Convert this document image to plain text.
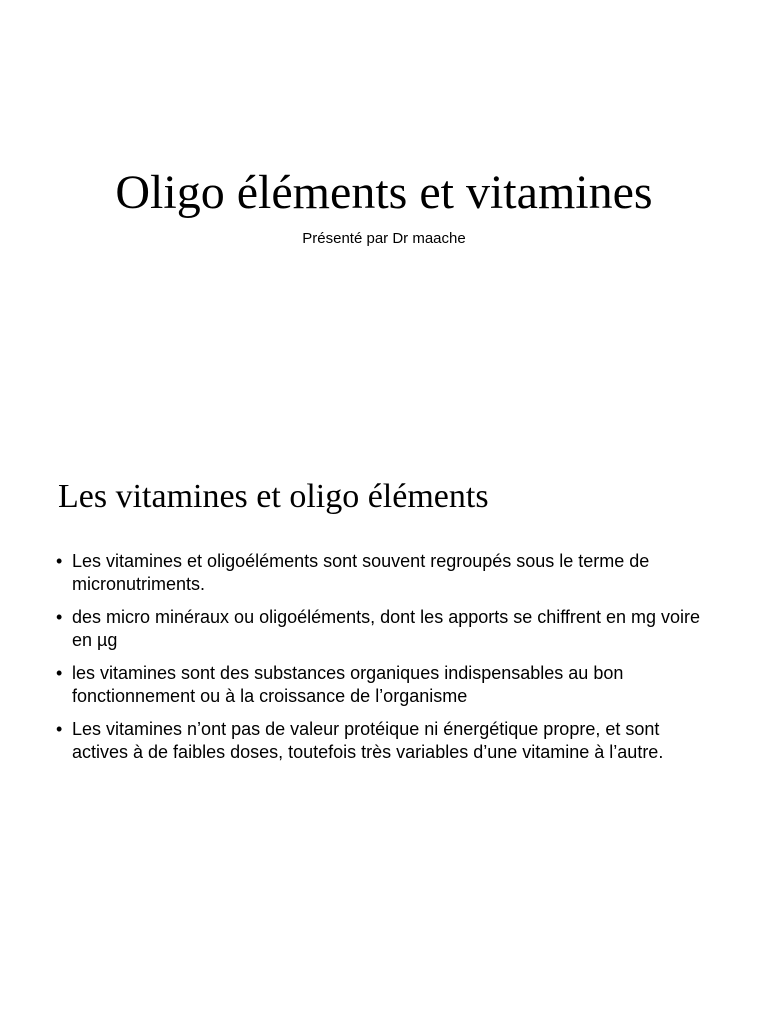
Oligo éléments et vitamines

Présenté par Dr maache

Les vitamines et oligo éléments
• Les vitamines et oligoéléments sont souvent regroupés sous le terme de micronutriments.
• des micro minéraux ou oligoéléments, dont les apports se chiffrent en mg voire en µg
• les vitamines sont des substances organiques indispensables au bon fonctionnement ou à la croissance de l’organisme
• Les vitamines n’ont pas de valeur protéique ni énergétique propre, et sont actives à de faibles doses, toutefois très variables d’une vitamine à l’autre.
